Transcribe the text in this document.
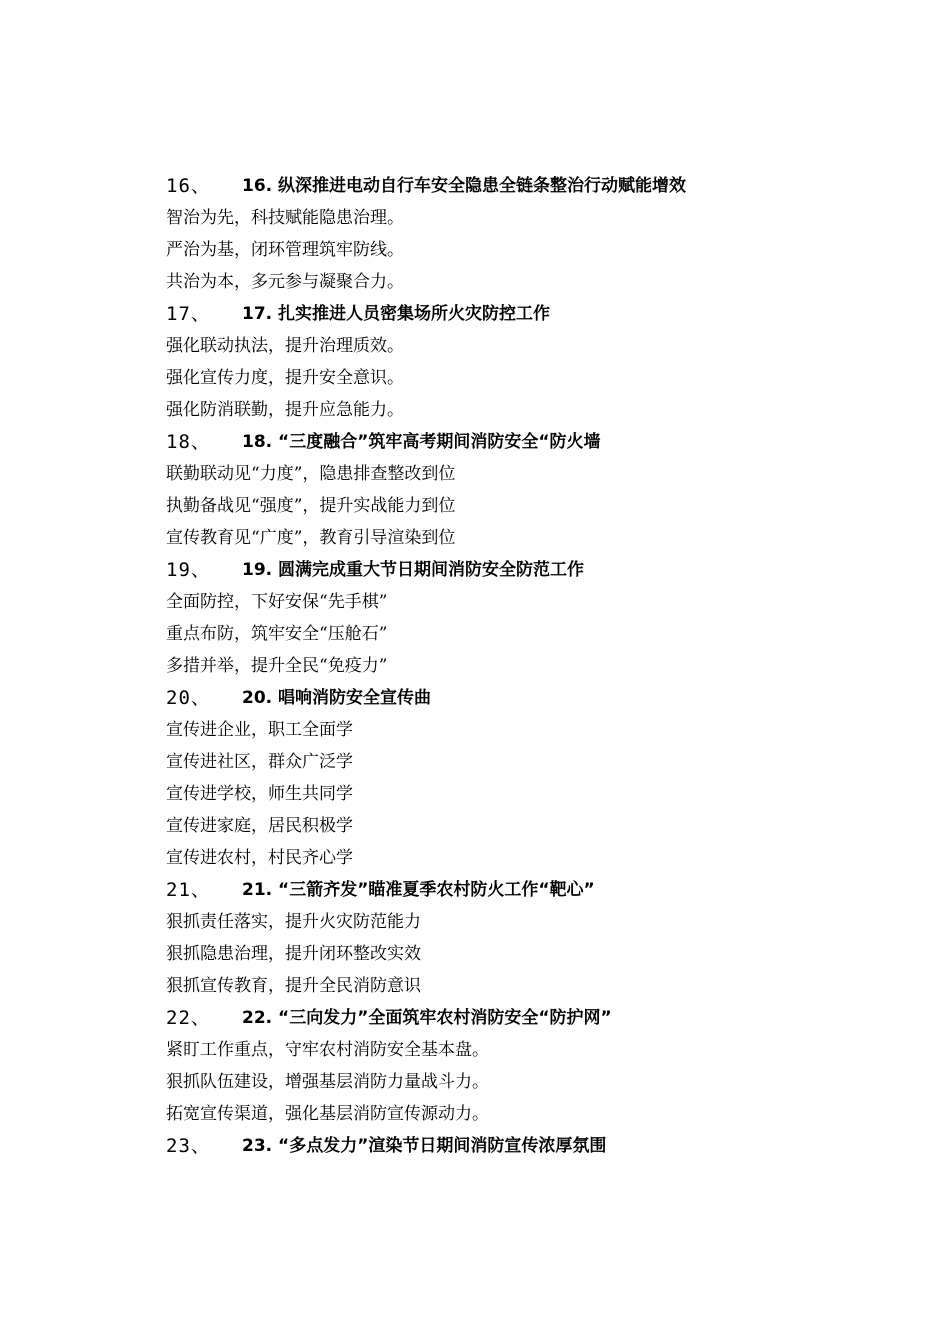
16、 16. 纵深推进电动自行车安全隐患全链条整治行动赋能增效
智治为先，科技赋能隐患治理。
严治为基，闭环管理筑牢防线。
共治为本，多元参与凝聚合力。
17、 17. 扎实推进人员密集场所火灾防控工作
强化联动执法，提升治理质效。
强化宣传力度，提升安全意识。
强化防消联勤，提升应急能力。
18、 18. “三度融合”筑牢高考期间消防安全“防火墙
联勤联动见“力度”，隐患排查整改到位
执勤备战见“强度”，提升实战能力到位
宣传教育见“广度”，教育引导渲染到位
19、 19. 圆满完成重大节日期间消防安全防范工作
全面防控，下好安保“先手棋”
重点布防，筑牢安全“压舱石”
多措并举，提升全民“免疫力”
20、 20. 唱响消防安全宣传曲
宣传进企业，职工全面学
宣传进社区，群众广泛学
宣传进学校，师生共同学
宣传进家庭，居民积极学
宣传进农村，村民齐心学
21、 21. “三箭齐发”瞄准夏季农村防火工作“靶心”
狠抓责任落实，提升火灾防范能力
狠抓隐患治理，提升闭环整改实效
狠抓宣传教育，提升全民消防意识
22、 22. “三向发力”全面筑牢农村消防安全“防护网”
紧盯工作重点，守牢农村消防安全基本盘。
狠抓队伍建设，增强基层消防力量战斗力。
拓宽宣传渠道，强化基层消防宣传源动力。
23、 23. “多点发力”渲染节日期间消防宣传浓厚氛围
